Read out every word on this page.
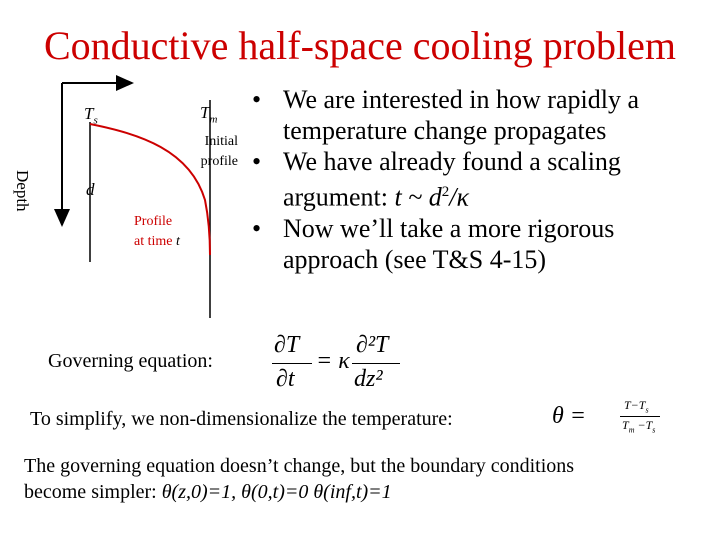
Conductive half-space cooling problem
$T_s$	$T_m$
Initial profile
Depth	d
Profile
at time t
• We are interested in how rapidly a temperature change propagates
• We have already found a scaling argument: t ~ $d^2/\kappa$
• Now we’ll take a more rigorous approach (see T&S 4-15)
Governing equation:
∂T
∂t
= κ
∂²T
dz²
To simplify, we non-dimensionalize the temperature:	θ =	$T-T_s$
$T_m -T_s$
The governing equation doesn’t change, but the boundary conditions
become simpler: θ(z,0)=1, θ(0,t)=0 θ(inf,t)=1
